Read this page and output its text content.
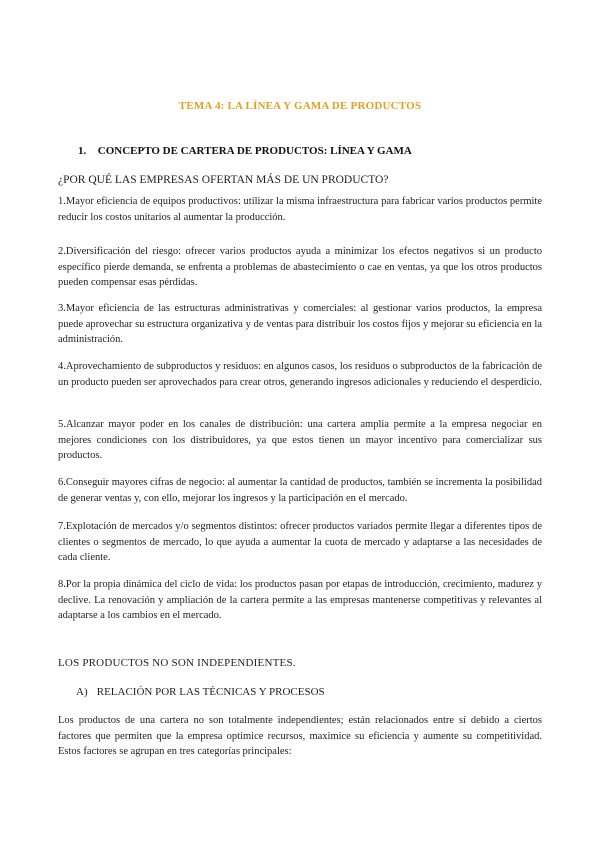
TEMA 4: LA LÍNEA Y GAMA DE PRODUCTOS
1. CONCEPTO DE CARTERA DE PRODUCTOS: LÍNEA Y GAMA
¿POR QUÉ LAS EMPRESAS OFERTAN MÁS DE UN PRODUCTO?

1.Mayor eficiencia de equipos productivos: utilizar la misma infraestructura para fabricar varios productos permite reducir los costos unitarios al aumentar la producción.

2.Diversificación del riesgo: ofrecer varios productos ayuda a minimizar los efectos negativos si un producto específico pierde demanda, se enfrenta a problemas de abastecimiento o cae en ventas, ya que los otros productos pueden compensar esas pérdidas.

3.Mayor eficiencia de las estructuras administrativas y comerciales: al gestionar varios productos, la empresa puede aprovechar su estructura organizativa y de ventas para distribuir los costos fijos y mejorar su eficiencia en la administración.

4.Aprovechamiento de subproductos y residuos: en algunos casos, los residuos o subproductos de la fabricación de un producto pueden ser aprovechados para crear otros, generando ingresos adicionales y reduciendo el desperdicio.

5.Alcanzar mayor poder en los canales de distribución: una cartera amplia permite a la empresa negociar en mejores condiciones con los distribuidores, ya que estos tienen un mayor incentivo para comercializar sus productos.

6.Conseguir mayores cifras de negocio: al aumentar la cantidad de productos, también se incrementa la posibilidad de generar ventas y, con ello, mejorar los ingresos y la participación en el mercado.

7.Explotación de mercados y/o segmentos distintos: ofrecer productos variados permite llegar a diferentes tipos de clientes o segmentos de mercado, lo que ayuda a aumentar la cuota de mercado y adaptarse a las necesidades de cada cliente.

8.Por la propia dinámica del ciclo de vida: los productos pasan por etapas de introducción, crecimiento, madurez y declive. La renovación y ampliación de la cartera permite a las empresas mantenerse competitivas y relevantes al adaptarse a los cambios en el mercado.

LOS PRODUCTOS NO SON INDEPENDIENTES.
A) RELACIÓN POR LAS TÉCNICAS Y PROCESOS

Los productos de una cartera no son totalmente independientes; están relacionados entre sí debido a ciertos factores que permiten que la empresa optimice recursos, maximice su eficiencia y aumente su competitividad. Estos factores se agrupan en tres categorías principales:
